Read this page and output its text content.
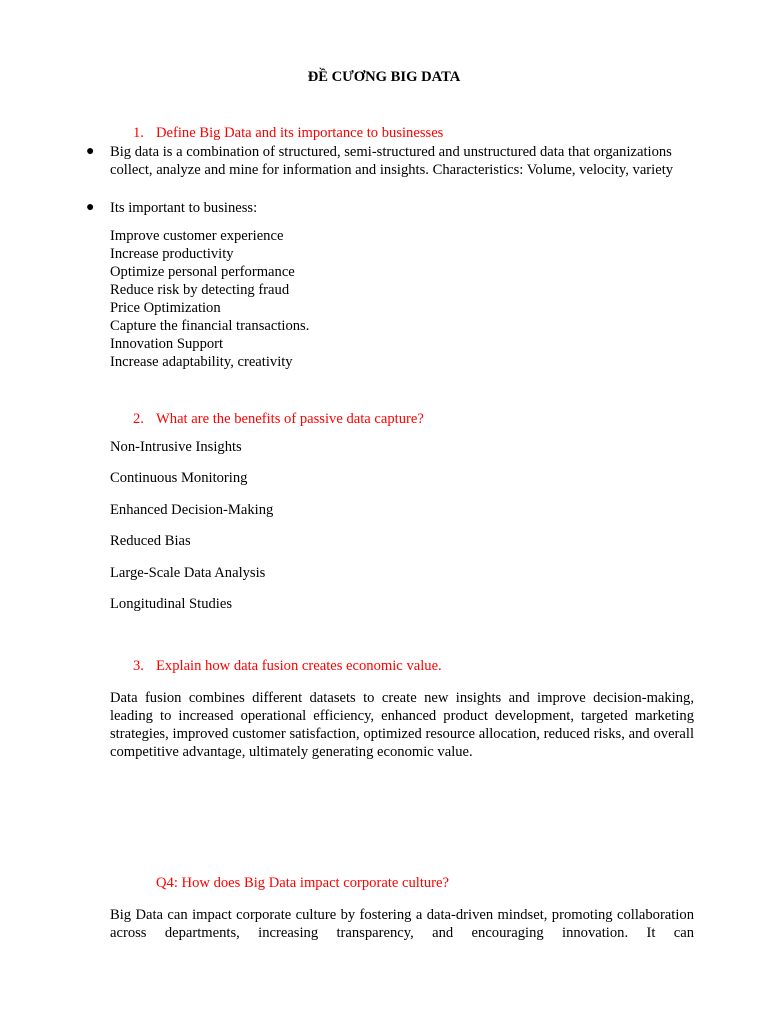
ĐỀ CƯƠNG BIG DATA
1. Define Big Data and its importance to businesses
● Big data is a combination of structured, semi-structured and unstructured data that organizations collect, analyze and mine for information and insights. Characteristics: Volume, velocity, variety
● Its important to business:
Improve customer experience
Increase productivity
Optimize personal performance
Reduce risk by detecting fraud
Price Optimization
Capture the financial transactions.
Innovation Support
Increase adaptability, creativity
2. What are the benefits of passive data capture?
Non-Intrusive Insights
Continuous Monitoring
Enhanced Decision-Making
Reduced Bias
Large-Scale Data Analysis
Longitudinal Studies
3. Explain how data fusion creates economic value.
Data fusion combines different datasets to create new insights and improve decision-making, leading to increased operational efficiency, enhanced product development, targeted marketing strategies, improved customer satisfaction, optimized resource allocation, reduced risks, and overall competitive advantage, ultimately generating economic value.
Q4: How does Big Data impact corporate culture?
Big Data can impact corporate culture by fostering a data-driven mindset, promoting collaboration across departments, increasing transparency, and encouraging innovation. It can
